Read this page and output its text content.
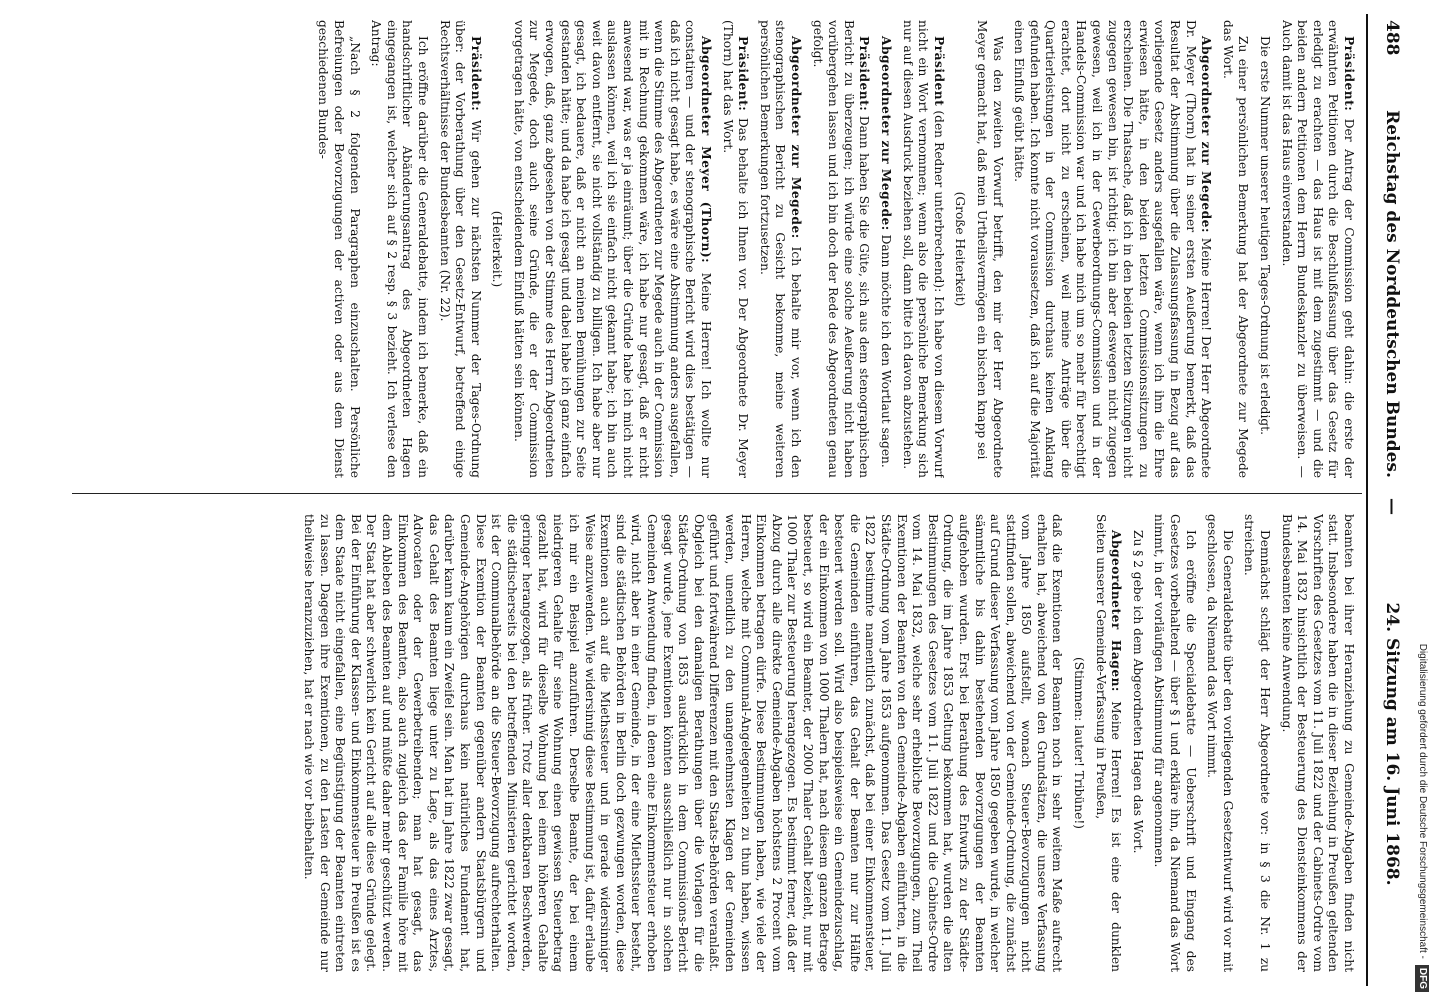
Digitalisierung gefördert durch die Deutsche Forschungsgemeinschaft -DFG
488
Reichstag des Norddeutschen Bundes.
—
24. Sitzung am 16. Juni 1868.

Präsident: Der Antrag der Commission geht dahin: die erste der erwähnten Petitionen durch die Beschlußfassung über das Gesetz für erledigt zu erachten — das Haus ist mit dem zugestimmt — und die beiden andern Petitionen dem Herrn Bundeskanzler zu überweisen. — Auch damit ist das Haus einverstanden.

Die erste Nummer unserer heutigen Tages-Ordnung ist erledigt.

Zu einer persönlichen Bemerkung hat der Abgeordnete zur Megede das Wort.

Abgeordneter zur Megede: Meine Herren! Der Herr Abgeordnete Dr. Meyer (Thorn) hat in seiner ersten Aeußerung bemerkt, daß das Resultat der Abstimmung über die Zulassungsfassung in Bezug auf das vorliegende Gesetz anders ausgefallen wäre, wenn ich ihm die Ehre erwiesen hätte, in den beiden letzten Commissionssitzungen zu erscheinen. Die Thatsache, daß ich in den beiden letzten Sitzungen nicht zugegen gewesen bin, ist richtig: ich bin aber deswegen nicht zugegen gewesen, weil ich in der Gewerbeordnungs-Commission und in der Handels-Commission war und ich habe mich um so mehr für berechtigt erachtet, dort nicht zu erscheinen, weil meine Anträge über die Quartierleistungen in der Commission durchaus keinen Anklang gefunden haben. Ich konnte nicht voraussetzen, daß ich auf die Majorität einen Einfluß geübt hätte.

Was den zweiten Vorwurf betrifft, den mir der Herr Abgeordnete Meyer gemacht hat, daß mein Urtheilsvermögen ein bischen knapp sei

(Große Heiterkeit)

Präsident (den Redner unterbrechend): Ich habe von diesem Vorwurf nicht ein Wort vernommen; wenn also die persönliche Bemerkung sich nur auf diesen Ausdruck beziehen soll, dann bitte ich davon abzustehen.

Abgeordneter zur Megede: Dann möchte ich den Wortlaut sagen.

Präsident: Dann haben Sie die Güte, sich aus dem stenographischen Bericht zu überzeugen; ich würde eine solche Aeußerung nicht haben vorübergehen lassen und ich bin doch der Rede des Abgeordneten genau gefolgt.

Abgeordneter zur Megede: Ich behalte mir vor, wenn ich den stenographischen Bericht zu Gesicht bekomme, meine weiteren persönlichen Bemerkungen fortzusetzen.

Präsident: Das behalte ich Ihnen vor. Der Abgeordnete Dr. Meyer (Thorn) hat das Wort.

Abgeordneter Meyer (Thorn): Meine Herren! Ich wollte nur constatiren — und der stenographische Bericht wird dies bestätigen — daß ich nicht gesagt habe, es wäre eine Abstimmung anders ausgefallen, wenn die Stimme des Abgeordneten zur Megede auch in der Commission mit in Rechnung gekommen wäre, ich habe nur gesagt, daß er nicht anwesend war, was er ja einräumt; über die Gründe habe ich mich nicht auslassen können, weil ich sie einfach nicht gekannt habe; ich bin auch weit davon entfernt, sie nicht vollständig zu billigen. Ich habe aber nur gesagt, ich bedauere, daß er nicht an meinen Bemühungen zur Seite gestanden hätte; und da habe ich gesagt und dabei habe ich ganz einfach erwogen, daß, ganz abgesehen von der Stimme des Herrn Abgeordneten zur Megede, doch auch seine Gründe, die er der Commission vorgetragen hätte, von entscheidendem Einfluß hätten sein können.

(Heiterkeit.)

Präsident: Wir gehen zur nächsten Nummer der Tages-Ordnung über: der Vorberathung über den Gesetz-Entwurf, betreffend einige Rechtsverhältnisse der Bundesbeamten (Nr. 22).

Ich eröffne darüber die Generaldebatte, indem ich bemerke, daß ein handschriftlicher Abänderungsantrag des Abgeordneten Hagen eingegangen ist, welcher sich auf § 2 resp. § 3 bezieht. Ich verlese den Antrag:

„Nach § 2 folgenden Paragraphen einzuschalten. Persönliche Befreiungen oder Bevorzugungen der activen oder aus dem Dienst geschiedenen Bundes-

beamten bei ihrer Heranziehung zu Gemeinde-Abgaben finden nicht statt. Insbesondere haben die in dieser Beziehung in Preußen geltenden Vorschriften des Gesetzes vom 11. Juli 1822 und der Cabinets-Ordre vom 14. Mai 1832 hinsichtlich der Besteuerung des Diensteinkommens der Bundesbeamten keine Anwendung.

Demnächst schlägt der Herr Abgeordnete vor: in § 3 die Nr. 1 zu streichen.

Die Generaldebatte über den vorliegenden Gesetzentwurf wird vor mit geschlossen, da Niemand das Wort nimmt.

Ich eröffne die Specialdebatte — Ueberschrift und Eingang des Gesetzes vorbehaltend — über § 1 und erkläre ihn, da Niemand das Wort nimmt, in der vorläufigen Abstimmung für angenommen.

Zu § 2 gebe ich dem Abgeordneten Hagen das Wort.

Abgeordneter Hagen: Meine Herren! Es ist eine der dunklen Seiten unserer Gemeinde-Verfassung in Preußen,

(Stimmen: lauter! Tribüne!)

daß die Exemtionen der Beamten noch in sehr weitem Maße aufrecht erhalten hat, abweichend von den Grundsätzen, die unsere Verfassung vom Jahre 1850 aufstellt, wonach Steuer-Bevorzugungen nicht stattfinden sollen, abweichend von der Gemeinde-Ordnung, die zunächst auf Grund dieser Verfassung vom Jahre 1850 gegeben wurde, in welcher sämmtliche bis dahin bestehenden Bevorzugungen der Beamten aufgehoben wurden. Erst bei Berathung des Entwurfs zu der Städte-Ordnung, die im Jahre 1853 Geltung bekommen hat, wurden die alten Bestimmungen des Gesetzes vom 11. Juli 1822 und die Cabinets-Ordre vom 14. Mai 1832, welche sehr erhebliche Bevorzugungen, zum Theil Exemtionen der Beamten von den Gemeinde-Abgaben einführten, in die Städte-Ordnung vom Jahre 1853 aufgenommen. Das Gesetz vom 11. Juli 1822 bestimmte namentlich zunächst, daß bei einer Einkommensteuer, die Gemeinden einführen, das Gehalt der Beamten nur zur Hälfte besteuert werden soll. Wird also beispielsweise ein Gemeindezuschlag, der ein Einkommen von 1000 Thalern hat, nach diesem ganzen Betrage besteuert, so wird ein Beamter, der 2000 Thaler Gehalt bezieht, nur mit 1000 Thaler zur Besteuerung herangezogen. Es bestimmt ferner, daß der Abzug durch alle direkte Gemeinde-Abgaben höchstens 2 Procent vom Einkommen betragen dürfe. Diese Bestimmungen haben, wie viele der Herren, welche mit Communal-Angelegenheiten zu thun haben, wissen werden, unendlich zu den unangenehmsten Klagen der Gemeinden geführt und fortwährend Differenzen mit den Staats-Behörden veranlaßt. Obgleich bei den damaligen Berathungen über die Vorlagen für die Städte-Ordnung von 1853 ausdrücklich in dem Commissions-Bericht gesagt wurde, jene Exemtionen könnten ausschließlich nur in solchen Gemeinden Anwendung finden, in denen eine Einkommensteuer erhoben wird, nicht aber in einer Gemeinde, in der eine Miethssteuer besteht, sind die städtischen Behörden in Berlin doch gezwungen worden, diese Exemtionen auch auf die Miethssteuer und in gerade widersinniger Weise anzuwenden. Wie widersinnig diese Bestimmung ist, dafür erlaube ich mir ein Beispiel anzuführen. Derselbe Beamte, der bei einem niedrigeren Gehalte für seine Wohnung einen gewissen Steuerbetrag gezahlt hat, wird für dieselbe Wohnung bei einem höheren Gehalte geringer herangezogen, als früher. Trotz aller denkbaren Beschwerden, die städtischerseits bei den betreffenden Ministerien gerichtet worden, ist der Communalbehörde an die Steuer-Bevorzugung aufrechterhalten. Diese Exemtion der Beamten gegenüber andern Staatsbürgern und Gemeinde-Angehörigen durchaus kein natürliches Fundament hat, darüber kann kaum ein Zweifel sein. Man hat im Jahre 1822 zwar gesagt, das Gehalt des Beamten liege unter zu Lage, als das eines Arztes, Advocaten oder der Gewerbetreibenden; man hat gesagt, das Einkommen des Beamten, also auch zugleich das der Familie höre mit dem Ableben des Beamten auf und müßte daher mehr geschützt werden. Der Staat hat aber schwerlich kein Gericht auf alle diese Gründe gelegt. Bei der Einführung der Klassen- und Einkommensteuer in Preußen ist es dem Staate nicht eingefallen, eine Begünstigung der Beamten eintreten zu lassen. Dagegen ihre Exemtionen, zu den Lasten der Gemeinde nur theilweise heranzuziehen, hat er nach wie vor beibehalten.
